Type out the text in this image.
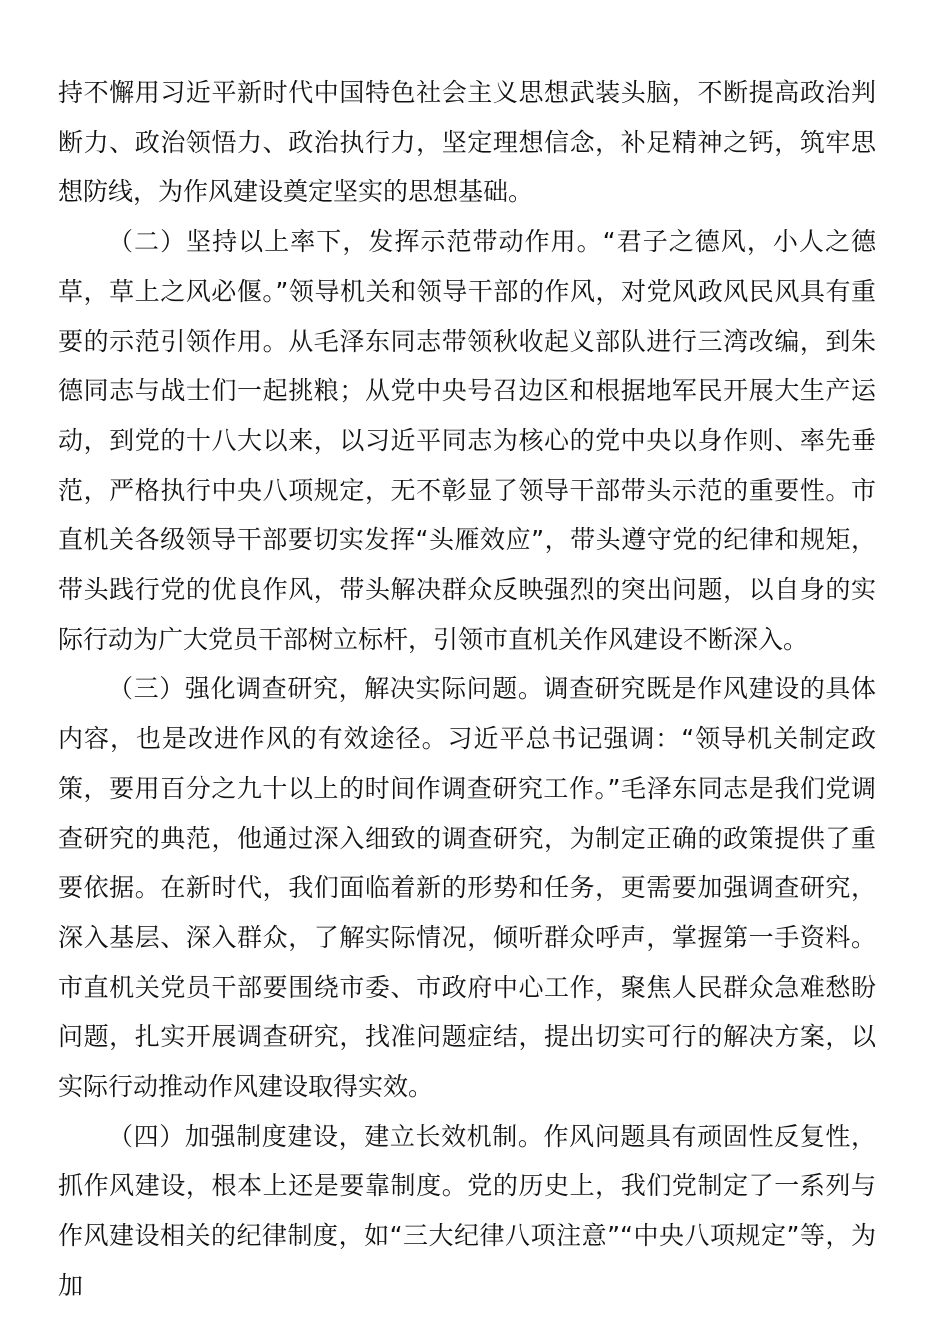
持不懈用习近平新时代中国特色社会主义思想武装头脑，不断提高政治判断力、政治领悟力、政治执行力，坚定理想信念，补足精神之钙，筑牢思想防线，为作风建设奠定坚实的思想基础。

（二）坚持以上率下，发挥示范带动作用。“君子之德风，小人之德草，草上之风必偃。”领导机关和领导干部的作风，对党风政风民风具有重要的示范引领作用。从毛泽东同志带领秋收起义部队进行三湾改编，到朱德同志与战士们一起挑粮；从党中央号召边区和根据地军民开展大生产运动，到党的十八大以来，以习近平同志为核心的党中央以身作则、率先垂范，严格执行中央八项规定，无不彰显了领导干部带头示范的重要性。市直机关各级领导干部要切实发挥“头雁效应”，带头遵守党的纪律和规矩，带头践行党的优良作风，带头解决群众反映强烈的突出问题，以自身的实际行动为广大党员干部树立标杆，引领市直机关作风建设不断深入。

（三）强化调查研究，解决实际问题。调查研究既是作风建设的具体内容，也是改进作风的有效途径。习近平总书记强调：“领导机关制定政策，要用百分之九十以上的时间作调查研究工作。”毛泽东同志是我们党调查研究的典范，他通过深入细致的调查研究，为制定正确的政策提供了重要依据。在新时代，我们面临着新的形势和任务，更需要加强调查研究，深入基层、深入群众，了解实际情况，倾听群众呼声，掌握第一手资料。市直机关党员干部要围绕市委、市政府中心工作，聚焦人民群众急难愁盼问题，扎实开展调查研究，找准问题症结，提出切实可行的解决方案，以实际行动推动作风建设取得实效。

（四）加强制度建设，建立长效机制。作风问题具有顽固性反复性，抓作风建设，根本上还是要靠制度。党的历史上，我们党制定了一系列与作风建设相关的纪律制度，如“三大纪律八项注意”“中央八项规定”等，为加
